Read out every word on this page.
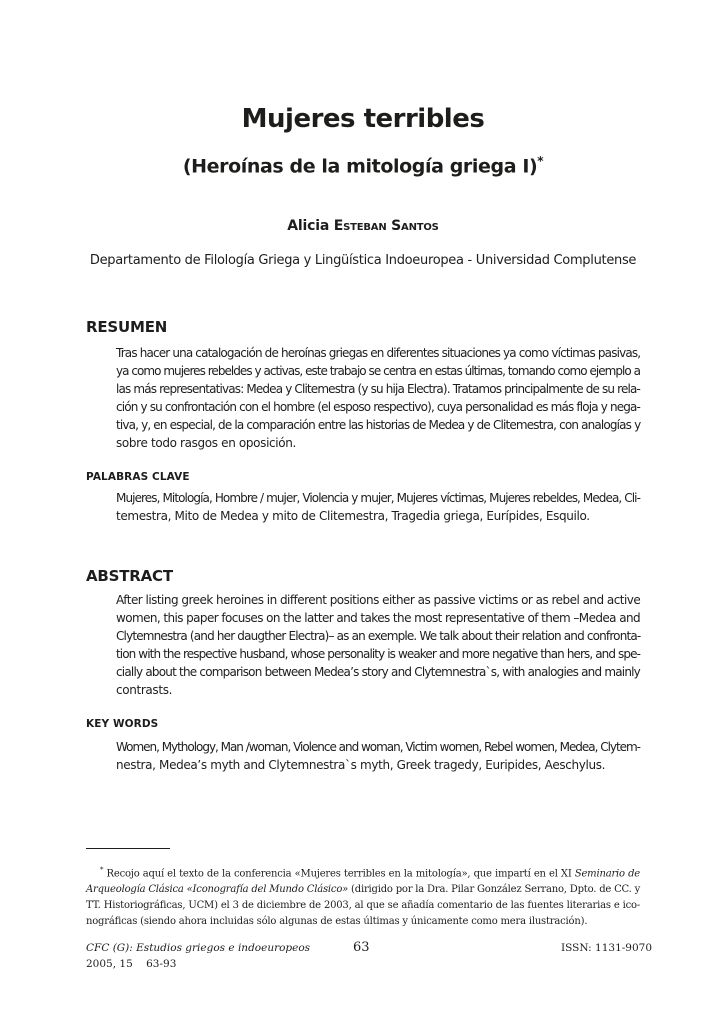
Mujeres terribles
(Heroínas de la mitología griega I)*
Alicia Esteban Santos
Departamento de Filología Griega y Lingüística Indoeuropea - Universidad Complutense
RESUMEN
Tras hacer una catalogación de heroínas griegas en diferentes situaciones ya como víctimas pasivas,
ya como mujeres rebeldes y activas, este trabajo se centra en estas últimas, tomando como ejemplo a
las más representativas: Medea y Clitemestra (y su hija Electra). Tratamos principalmente de su rela-
ción y su confrontación con el hombre (el esposo respectivo), cuya personalidad es más floja y nega-
tiva, y, en especial, de la comparación entre las historias de Medea y de Clitemestra, con analogías y
sobre todo rasgos en oposición.
PALABRAS CLAVE
Mujeres, Mitología, Hombre / mujer, Violencia y mujer, Mujeres víctimas, Mujeres rebeldes, Medea, Cli-
temestra, Mito de Medea y mito de Clitemestra, Tragedia griega, Eurípides, Esquilo.
ABSTRACT
After listing greek heroines in different positions either as passive victims or as rebel and active
women, this paper focuses on the latter and takes the most representative of them –Medea and
Clytemnestra (and her daugther Electra)– as an exemple. We talk about their relation and confronta-
tion with the respective husband, whose personality is weaker and more negative than hers, and spe-
cially about the comparison between Medea’s story and Clytemnestra`s, with analogies and mainly
contrasts.
KEY WORDS
Women, Mythology, Man /woman, Violence and woman, Victim women, Rebel women, Medea, Clytem-
nestra, Medea’s myth and Clytemnestra`s myth, Greek tragedy, Euripides, Aeschylus.
* Recojo aquí el texto de la conferencia «Mujeres terribles en la mitología», que impartí en el XI Seminario de
Arqueología Clásica «Iconografía del Mundo Clásico» (dirigido por la Dra. Pilar González Serrano, Dpto. de CC. y
TT. Historiográficas, UCM) el 3 de diciembre de 2003, al que se añadía comentario de las fuentes literarias e ico-
nográficas (siendo ahora incluidas sólo algunas de estas últimas y únicamente como mera ilustración).
CFC (G): Estudios griegos e indoeuropeos
2005, 15    63-93
63	ISSN: 1131-9070
